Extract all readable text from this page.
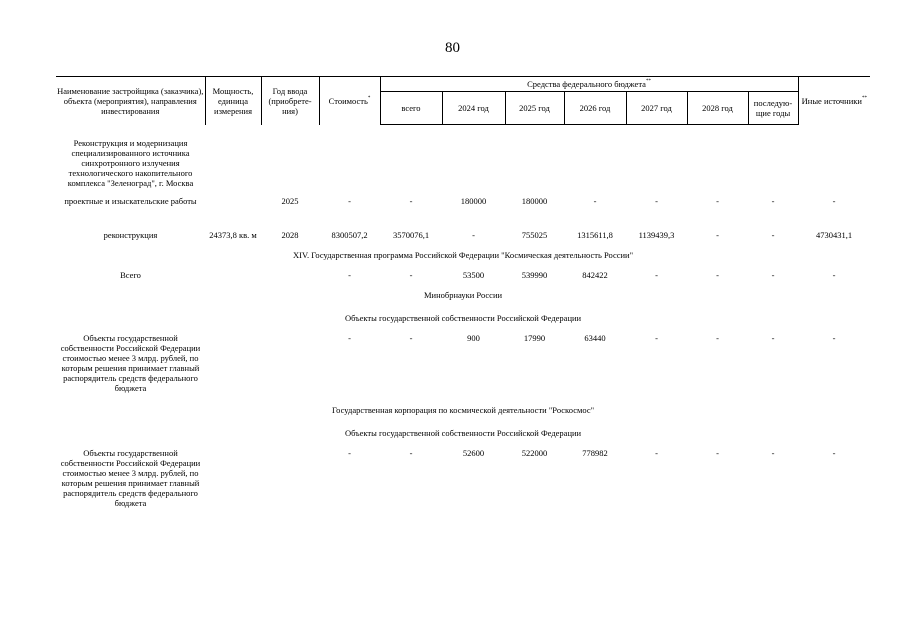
80
Наименование застройщика (заказчика), объекта (мероприятия), направления инвестирования	Мощность, единица измерения	Год ввода (приобрете-ния)	Стоимость*	Средства федерального бюджета**							Иные источники**
				всего	2024 год	2025 год	2026 год	2027 год	2028 год	последую-щие годы	
Реконструкция и модернизация специализированного источника синхротронного излучения технологического накопительного комплекса "Зеленоград", г. Москва											
проектные и изыскательские работы		2025	-	-	180000	180000	-	-	-	-	-
реконструкция	24373,8 кв. м	2028	8300507,2	3570076,1	-	755025	1315611,8	1139439,3	-	-	4730431,1
XIV. Государственная программа Российской Федерации "Космическая деятельность России"											
Всего			-	-	53500	539990	842422	-	-	-	-
Минобрнауки России											
Объекты государственной собственности Российской Федерации											
Объекты государственной собственности Российской Федерации стоимостью менее 3 млрд. рублей, по которым решения принимает главный распорядитель средств федерального бюджета			-	-	900	17990	63440	-	-	-	-
Государственная корпорация по космической деятельности "Роскосмос"											
Объекты государственной собственности Российской Федерации											
Объекты государственной собственности Российской Федерации стоимостью менее 3 млрд. рублей, по которым решения принимает главный распорядитель средств федерального бюджета			-	-	52600	522000	778982	-	-	-	-
